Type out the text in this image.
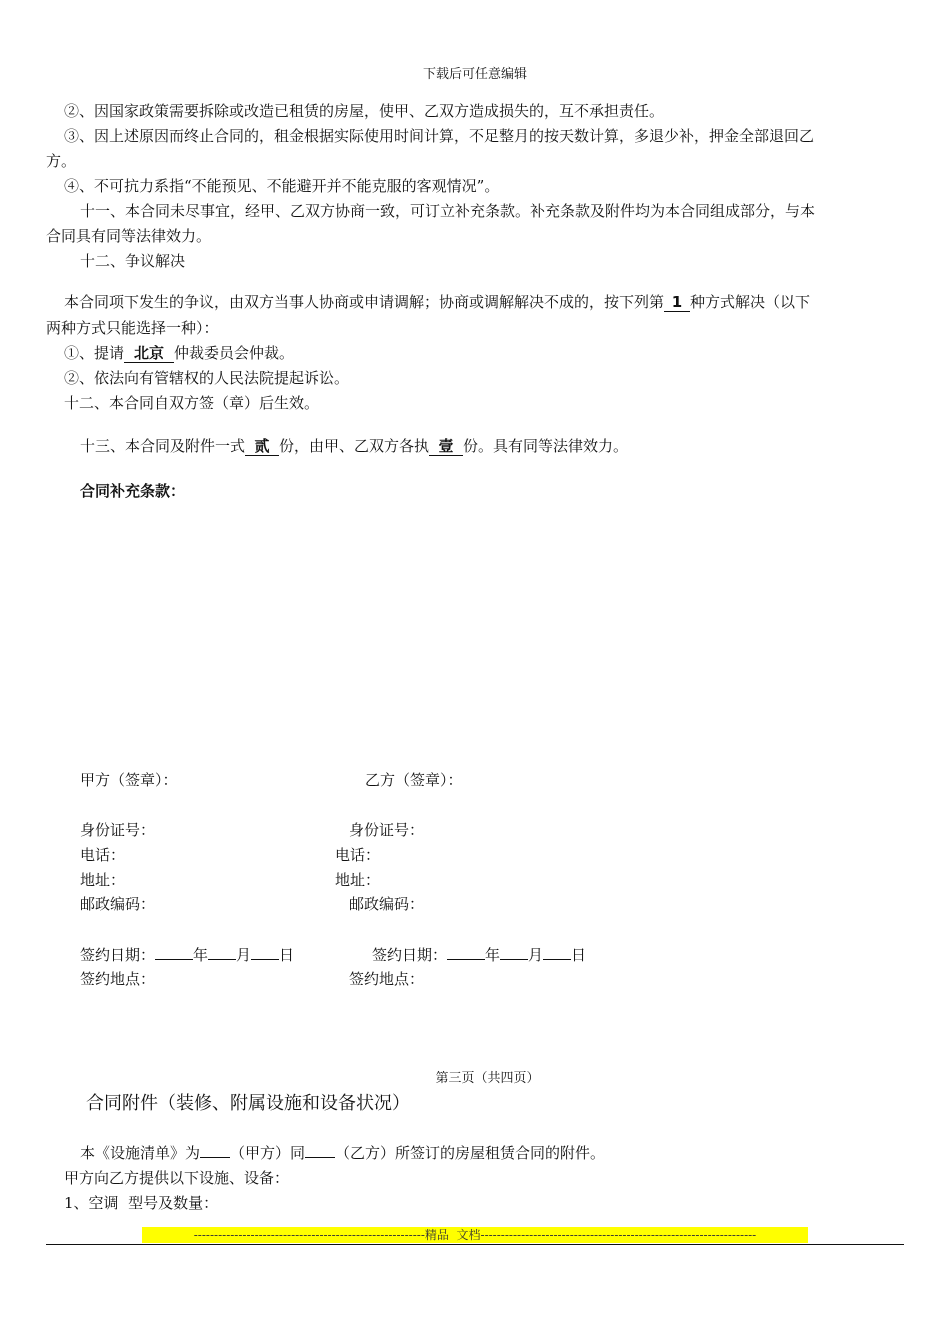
下载后可任意编辑
②、因国家政策需要拆除或改造已租赁的房屋，使甲、乙双方造成损失的，互不承担责任。
③、因上述原因而终止合同的，租金根据实际使用时间计算，不足整月的按天数计算，多退少补，押金全部退回乙
方。
④、不可抗力系指“不能预见、不能避开并不能克服的客观情况”。
十一、本合同未尽事宜，经甲、乙双方协商一致，可订立补充条款。补充条款及附件均为本合同组成部分，与本
合同具有同等法律效力。
十二、争议解决
本合同项下发生的争议，由双方当事人协商或申请调解；协商或调解解决不成的，按下列第 1 种方式解决（以下
两种方式只能选择一种）：
①、提请 北京 仲裁委员会仲裁。
②、依法向有管辖权的人民法院提起诉讼。
十二、本合同自双方签（章）后生效。
十三、本合同及附件一式 贰 份，由甲、乙双方各执 壹 份。具有同等法律效力。
合同补充条款：
甲方（签章）：	乙方（签章）：
身份证号：	身份证号：
电话：	电话：
地址：	地址：
邮政编码：	邮政编码：
签约日期：	年 月 日	签约日期：	年 月 日
签约地点：	签约地点：
第三页（共四页）
合同附件（装修、附属设施和设备状况）
本《设施清单》为 （甲方）同 （乙方）所签订的房屋租赁合同的附件。
甲方向乙方提供以下设施、设备：
1、空调  型号及数量：
---------------------------------------------------------精品  文档--------------------------------------------------------------------
